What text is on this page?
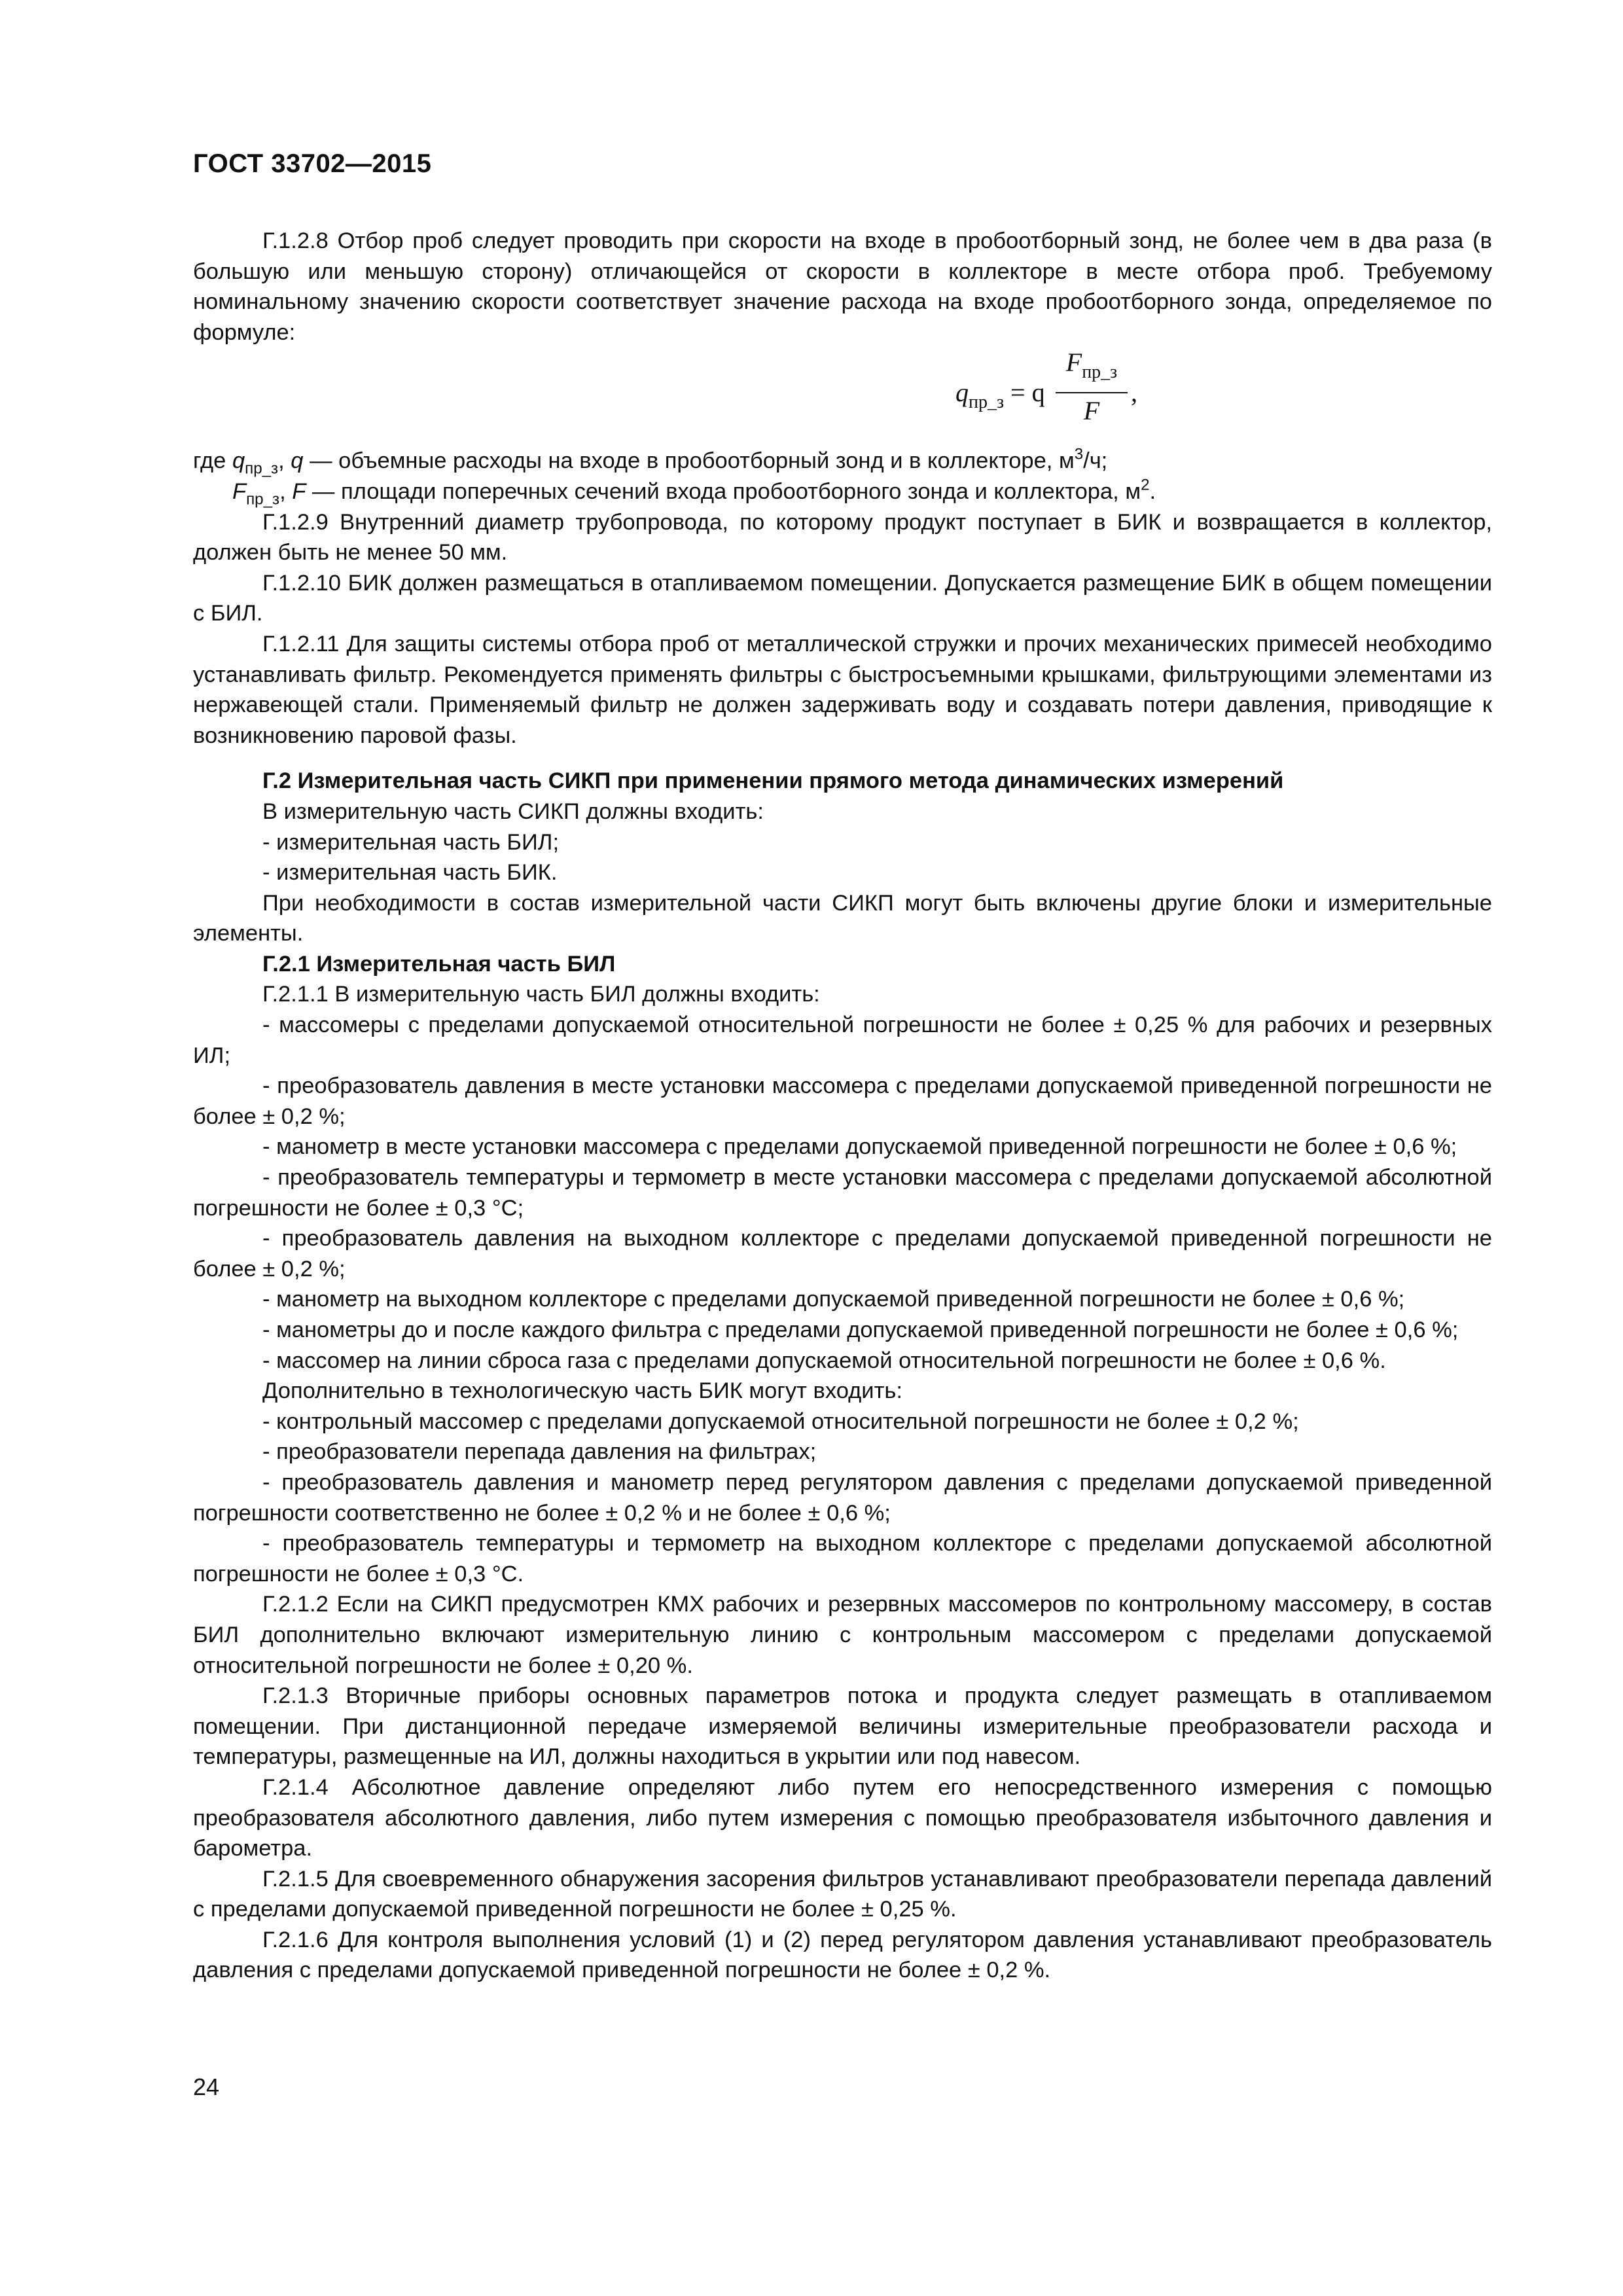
ГОСТ 33702—2015

Г.1.2.8 Отбор проб следует проводить при скорости на входе в пробоотборный зонд, не более чем в два раза (в большую или меньшую сторону) отличающейся от скорости в коллекторе в месте отбора проб. Требуемому номинальному значению скорости соответствует значение расхода на входе пробоотборного зонда, определяемое по формуле:

$q_{пр\_з} = q$
$F_{пр\_з}$
F
,

где $q_{пр\_з}$, q — объемные расходы на входе в пробоотборный зонд и в коллекторе, $м^3/ч$;

$F_{пр\_з}$, F — площади поперечных сечений входа пробоотборного зонда и коллектора, $м^2$.

Г.1.2.9 Внутренний диаметр трубопровода, по которому продукт поступает в БИК и возвращается в коллектор, должен быть не менее 50 мм.

Г.1.2.10 БИК должен размещаться в отапливаемом помещении. Допускается размещение БИК в общем помещении с БИЛ.

Г.1.2.11 Для защиты системы отбора проб от металлической стружки и прочих механических примесей необходимо устанавливать фильтр. Рекомендуется применять фильтры с быстросъемными крышками, фильтрующими элементами из нержавеющей стали. Применяемый фильтр не должен задерживать воду и создавать потери давления, приводящие к возникновению паровой фазы.

Г.2 Измерительная часть СИКП при применении прямого метода динамических измерений

В измерительную часть СИКП должны входить:

- измерительная часть БИЛ;

- измерительная часть БИК.

При необходимости в состав измерительной части СИКП могут быть включены другие блоки и измерительные элементы.

Г.2.1 Измерительная часть БИЛ

Г.2.1.1 В измерительную часть БИЛ должны входить:

- массомеры с пределами допускаемой относительной погрешности не более ± 0,25 % для рабочих и резервных ИЛ;

- преобразователь давления в месте установки массомера с пределами допускаемой приведенной погрешности не более ± 0,2 %;

- манометр в месте установки массомера с пределами допускаемой приведенной погрешности не более ± 0,6 %;

- преобразователь температуры и термометр в месте установки массомера с пределами допускаемой абсолютной погрешности не более ± 0,3 °С;

- преобразователь давления на выходном коллекторе с пределами допускаемой приведенной погрешности не более ± 0,2 %;

- манометр на выходном коллекторе с пределами допускаемой приведенной погрешности не более ± 0,6 %;

- манометры до и после каждого фильтра с пределами допускаемой приведенной погрешности не более ± 0,6 %;

- массомер на линии сброса газа с пределами допускаемой относительной погрешности не более ± 0,6 %.

Дополнительно в технологическую часть БИК могут входить:

- контрольный массомер с пределами допускаемой относительной погрешности не более ± 0,2 %;

- преобразователи перепада давления на фильтрах;

- преобразователь давления и манометр перед регулятором давления с пределами допускаемой приведенной погрешности соответственно не более ± 0,2 % и не более ± 0,6 %;

- преобразователь температуры и термометр на выходном коллекторе с пределами допускаемой абсолютной погрешности не более ± 0,3 °С.

Г.2.1.2 Если на СИКП предусмотрен КМХ рабочих и резервных массомеров по контрольному массомеру, в состав БИЛ дополнительно включают измерительную линию с контрольным массомером с пределами допускаемой относительной погрешности не более ± 0,20 %.

Г.2.1.3 Вторичные приборы основных параметров потока и продукта следует размещать в отапливаемом помещении. При дистанционной передаче измеряемой величины измерительные преобразователи расхода и температуры, размещенные на ИЛ, должны находиться в укрытии или под навесом.

Г.2.1.4 Абсолютное давление определяют либо путем его непосредственного измерения с помощью преобразователя абсолютного давления, либо путем измерения с помощью преобразователя избыточного давления и барометра.

Г.2.1.5 Для своевременного обнаружения засорения фильтров устанавливают преобразователи перепада давлений с пределами допускаемой приведенной погрешности не более ± 0,25 %.

Г.2.1.6 Для контроля выполнения условий (1) и (2) перед регулятором давления устанавливают преобразователь давления с пределами допускаемой приведенной погрешности не более ± 0,2 %.

24
